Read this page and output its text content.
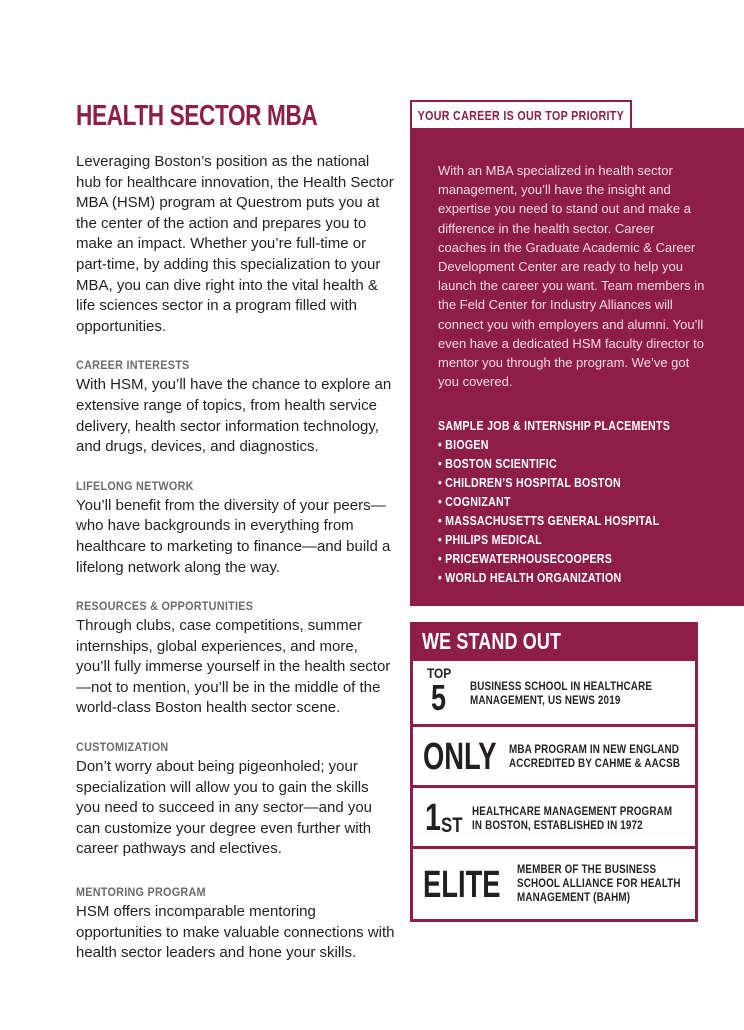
HEALTH SECTOR MBA

Leveraging Boston’s position as the national hub for healthcare innovation, the Health Sector MBA (HSM) program at Questrom puts you at the center of the action and prepares you to make an impact. Whether you’re full-time or part-time, by adding this specialization to your MBA, you can dive right into the vital health & life sciences sector in a program filled with opportunities.

CAREER INTERESTS

With HSM, you’ll have the chance to explore an extensive range of topics, from health service delivery, health sector information technology, and drugs, devices, and diagnostics.

LIFELONG NETWORK

You’ll benefit from the diversity of your peers—who have backgrounds in everything from healthcare to marketing to finance—and build a lifelong network along the way.

RESOURCES & OPPORTUNITIES

Through clubs, case competitions, summer internships, global experiences, and more, you’ll fully immerse yourself in the health sector—not to mention, you’ll be in the middle of the world-class Boston health sector scene.

CUSTOMIZATION

Don’t worry about being pigeonholed; your specialization will allow you to gain the skills you need to succeed in any sector—and you can customize your degree even further with career pathways and electives.

MENTORING PROGRAM

HSM offers incomparable mentoring opportunities to make valuable connections with health sector leaders and hone your skills.

YOUR CAREER IS OUR TOP PRIORITY

With an MBA specialized in health sector management, you’ll have the insight and expertise you need to stand out and make a difference in the health sector. Career coaches in the Graduate Academic & Career Development Center are ready to help you launch the career you want. Team members in the Feld Center for Industry Alliances will connect you with employers and alumni. You’ll even have a dedicated HSM faculty director to mentor you through the program. We’ve got you covered.

SAMPLE JOB & INTERNSHIP PLACEMENTS
• BIOGEN
• BOSTON SCIENTIFIC
• CHILDREN’S HOSPITAL BOSTON
• COGNIZANT
• MASSACHUSETTS GENERAL HOSPITAL
• PHILIPS MEDICAL
• PRICEWATERHOUSECOOPERS
• WORLD HEALTH ORGANIZATION
WE STAND OUT
TOP
5 BUSINESS SCHOOL IN HEALTHCARE
MANAGEMENT, US NEWS 2019
ONLY MBA PROGRAM IN NEW ENGLAND
ACCREDITED BY CAHME & AACSB
1 ST
HEALTHCARE MANAGEMENT PROGRAM
IN BOSTON, ESTABLISHED IN 1972
ELITE MEMBER OF THE BUSINESS
SCHOOL ALLIANCE FOR HEALTH
MANAGEMENT (BAHM)
